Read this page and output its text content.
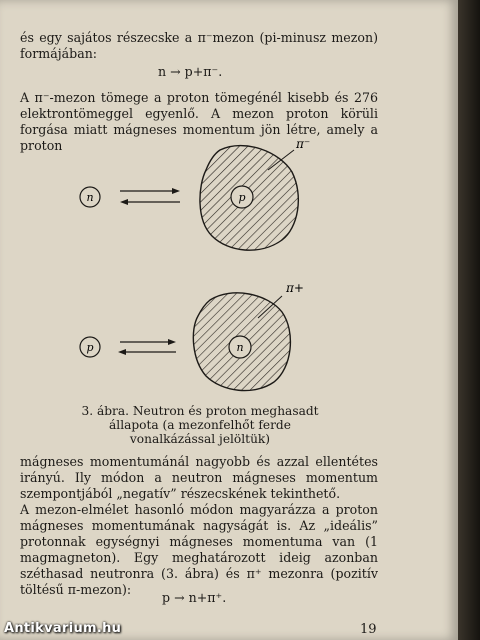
és egy sajátos részecske a π⁻mezon (pi-minusz mezon) formájában:
n → p+π⁻.
A π⁻-mezon tömege a proton tömegénél kisebb és 276 elektrontömeggel egyenlő. A mezon proton körüli forgása miatt mágneses momentum jön létre, amely a proton
n	p
π⁻
p	n
π+
3. ábra. Neutron és proton meghasadt állapota (a mezonfelhőt ferde vonalkázással jelöltük)
mágneses momentumánál nagyobb és azzal ellentétes irányú. Ily módon a neutron mágneses momentum szempontjából „negatív” részecskének tekinthető.
A mezon-elmélet hasonló módon magyarázza a proton mágneses momentumának nagyságát is. Az „ideális” protonnak egységnyi mágneses momentuma van (1 magmagneton). Egy meghatározott ideig azonban széthasad neutronra (3. ábra) és π⁺ mezonra (pozitív töltésű π-mezon):
p → n+π⁺.
19
Antikvarium.hu
